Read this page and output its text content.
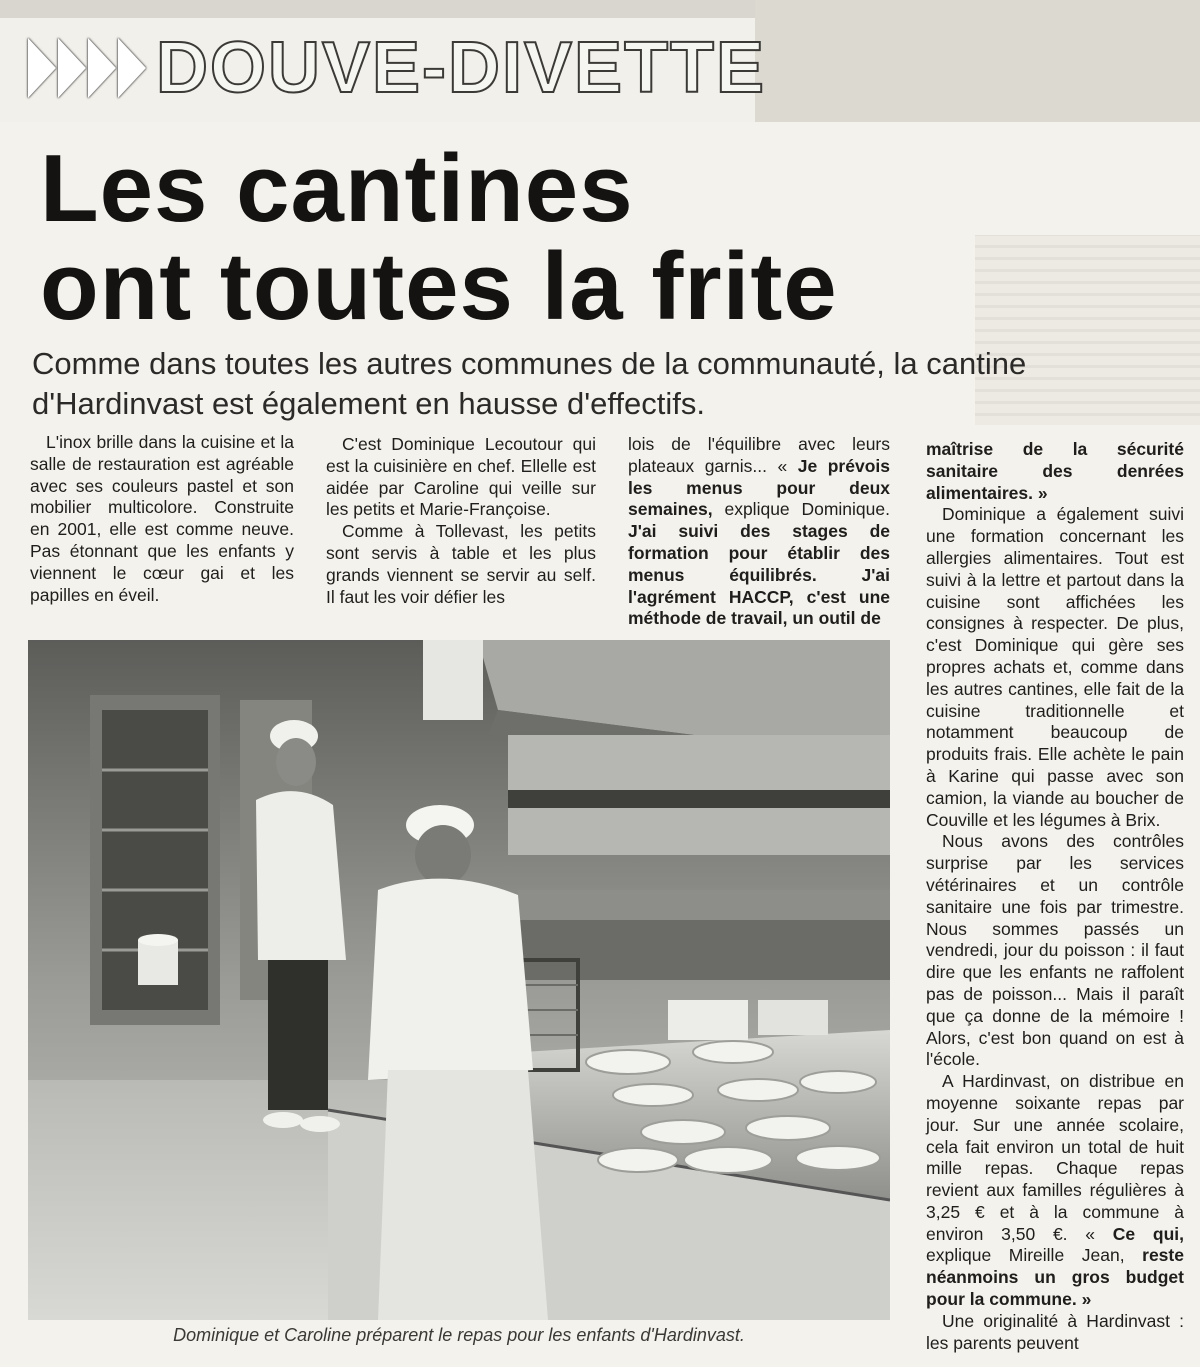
DOUVE-DIVETTE
Les cantines
ont toutes la frite

Comme dans toutes les autres communes de la communauté, la cantine d'Hardinvast est également en hausse d'effectifs.

L'inox brille dans la cuisine et la salle de restauration est agréable avec ses couleurs pastel et son mobilier multicolore. Construite en 2001, elle est comme neuve. Pas étonnant que les enfants y viennent le cœur gai et les papilles en éveil.

C'est Dominique Lecoutour qui est la cuisinière en chef. Ellelle est aidée par Caroline qui veille sur les petits et Marie-Françoise.

Comme à Tollevast, les petits sont servis à table et les plus grands viennent se servir au self. Il faut les voir défier les

lois de l'équilibre avec leurs plateaux garnis... « Je prévois les menus pour deux semaines, explique Dominique. J'ai suivi des stages de formation pour établir des menus équilibrés. J'ai l'agrément HACCP, c'est une méthode de travail, un outil de

maîtrise de la sécurité sanitaire des denrées alimentaires. »

Dominique a également suivi une formation concernant les allergies alimentaires. Tout est suivi à la lettre et partout dans la cuisine sont affichées les consignes à respecter. De plus, c'est Dominique qui gère ses propres achats et, comme dans les autres cantines, elle fait de la cuisine traditionnelle et notamment beaucoup de produits frais. Elle achète le pain à Karine qui passe avec son camion, la viande au boucher de Couville et les légumes à Brix.

Nous avons des contrôles surprise par les services vétérinaires et un contrôle sanitaire une fois par trimestre. Nous sommes passés un vendredi, jour du poisson : il faut dire que les enfants ne raffolent pas de poisson... Mais il paraît que ça donne de la mémoire ! Alors, c'est bon quand on est à l'école.

A Hardinvast, on distribue en moyenne soixante repas par jour. Sur une année scolaire, cela fait environ un total de huit mille repas. Chaque repas revient aux familles régulières à 3,25 € et à la commune à environ 3,50 €. « Ce qui, explique Mireille Jean, reste néanmoins un gros budget pour la commune. »

Une originalité à Hardinvast : les parents peuvent

Dominique et Caroline préparent le repas pour les enfants d'Hardinvast.
